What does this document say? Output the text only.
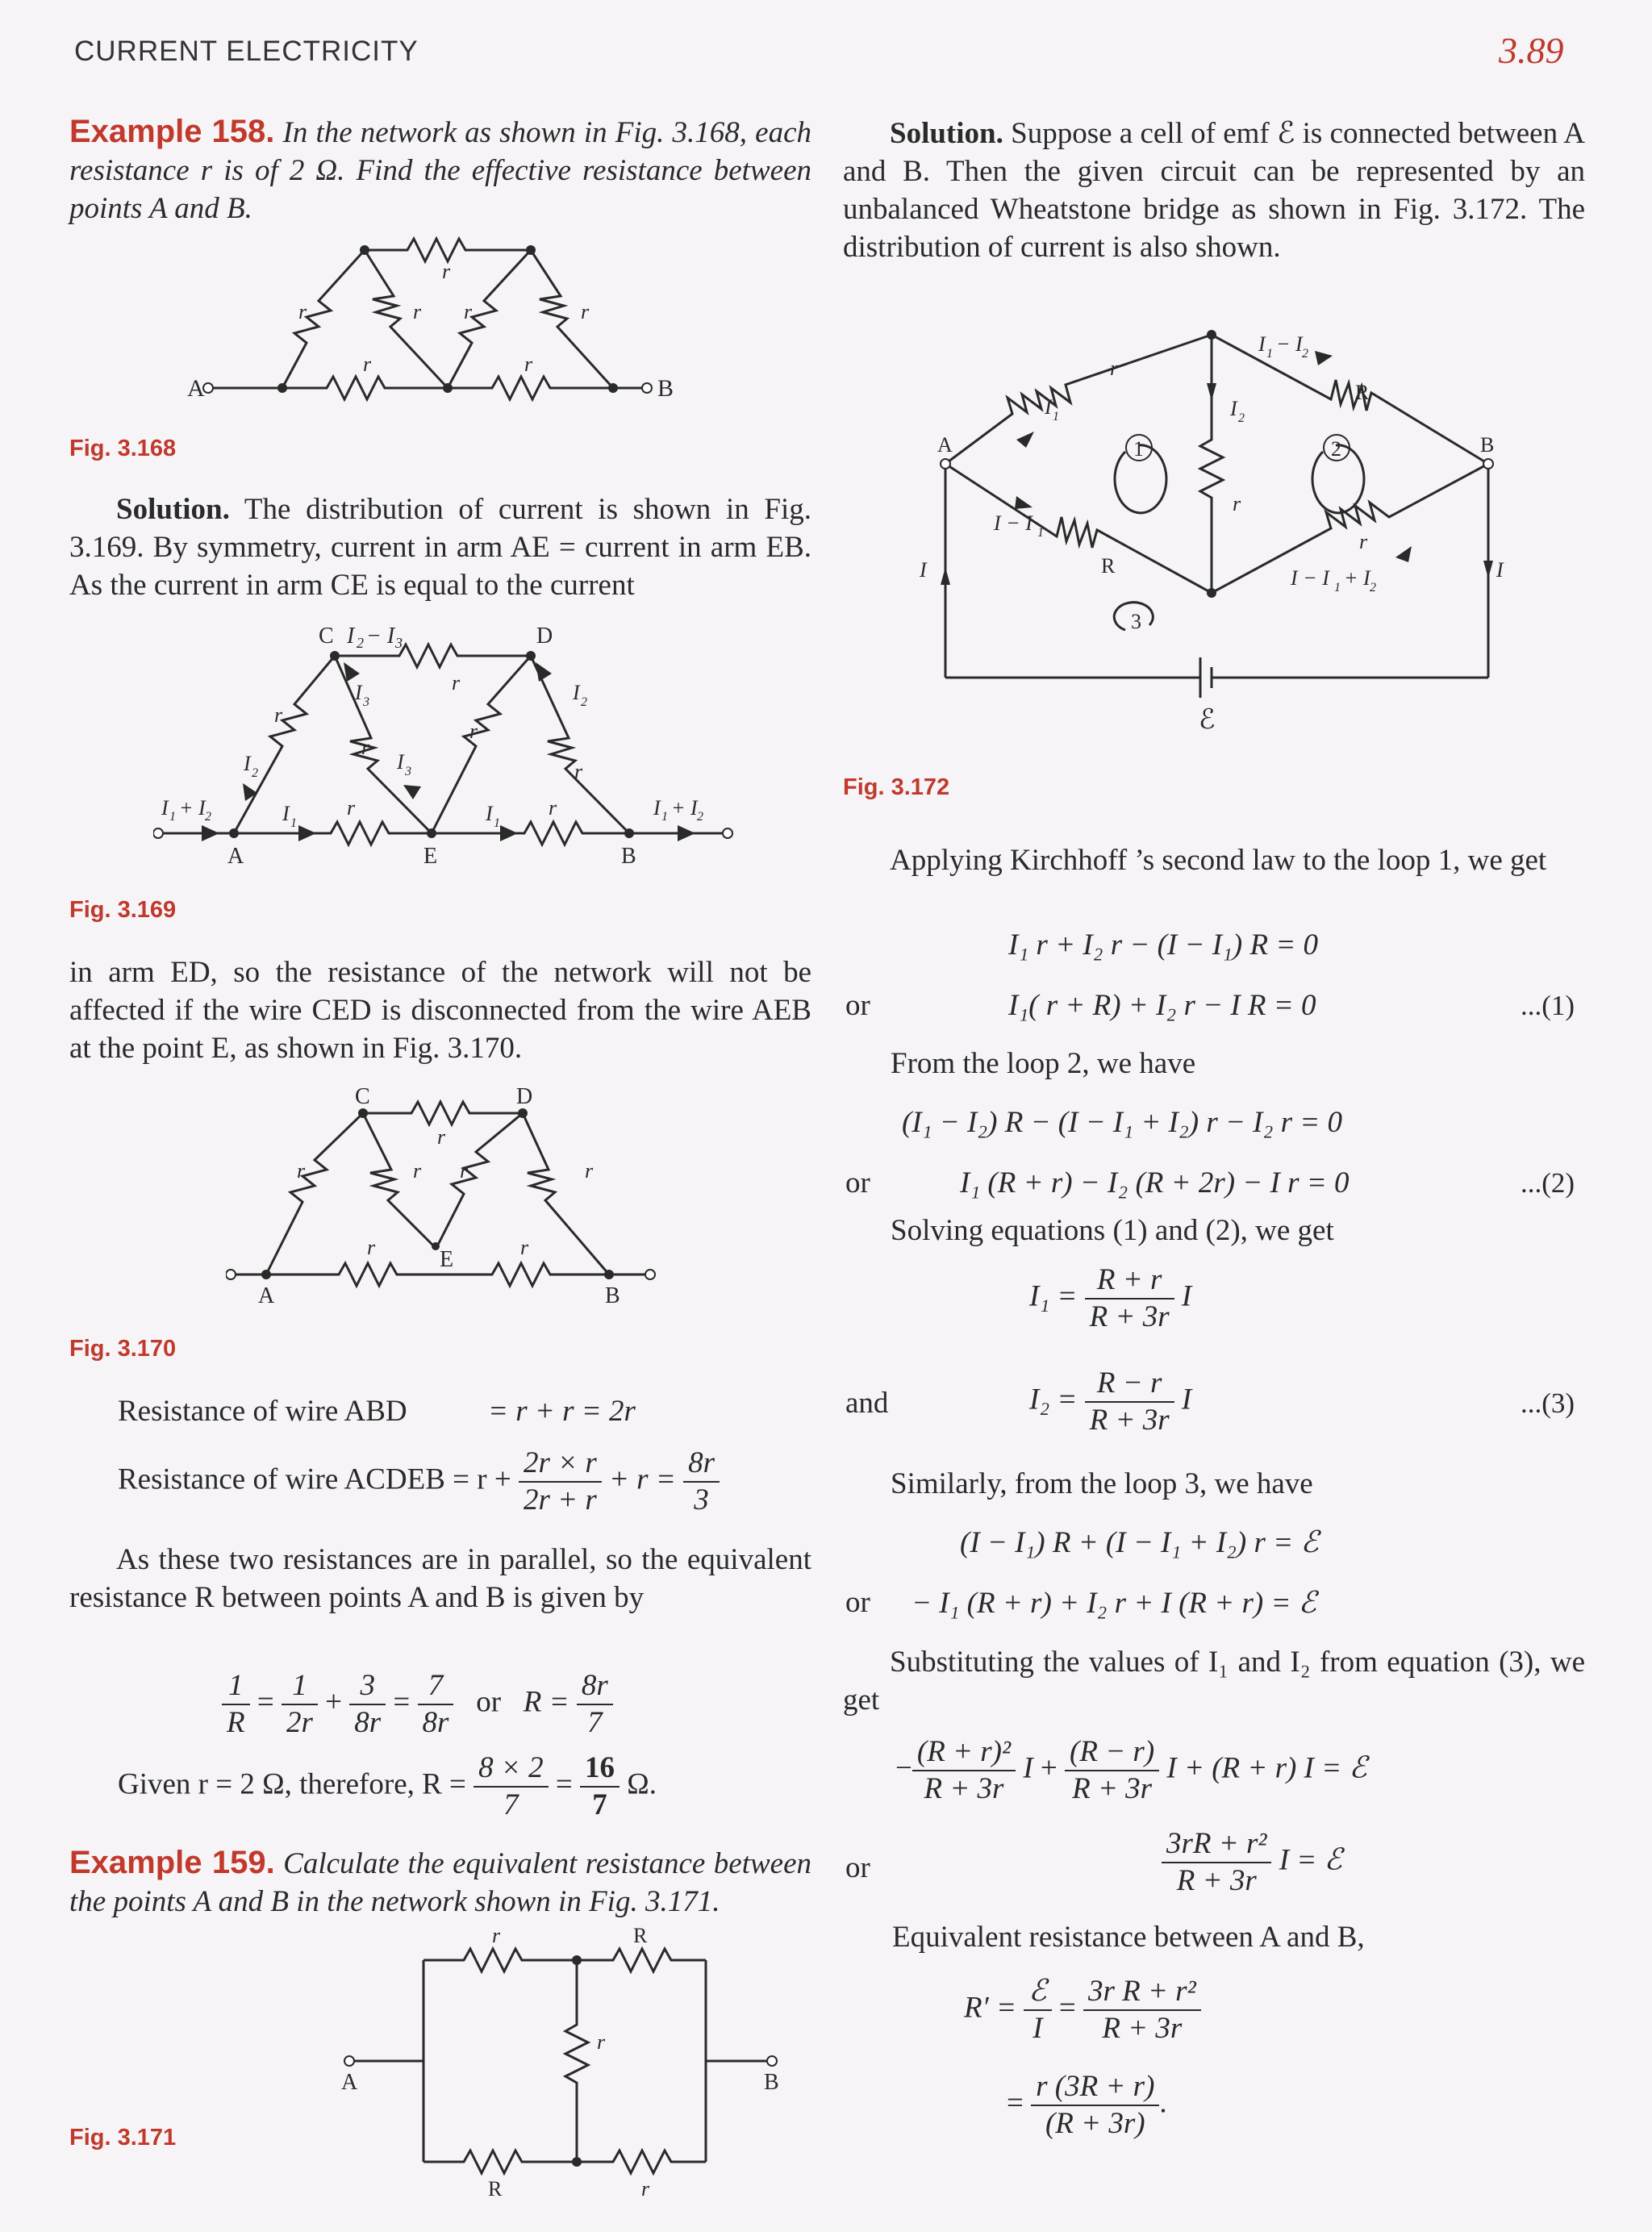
CURRENT ELECTRICITY	3.89
Example 158. In the network as shown in Fig. 3.168, each resistance r is of 2 Ω. Find the effective resistance between points A and B.
A	B
r
r	r r	r
r	r
Fig. 3.168
Solution. The distribution of current is shown in Fig. 3.169. By symmetry, current in arm AE = current in arm EB. As the current in arm CE is equal to the current
C I 2 − I 3	D
I 3	I 2
r
r
r
r
r
I 3
I 2
I 1 + I 2	I 1	I 1
I 1 + I 2
r	r
A	E	B
Fig. 3.169
in arm ED, so the resistance of the network will not be affected if the wire CED is disconnected from the wire AEB at the point E, as shown in Fig. 3.170.
C	D
E
A	B
r
r	r r	r
r	r
Fig. 3.170
Resistance of wire ABD	= r + r = 2r
Resistance of wire ACDEB = $r + \frac{2r \times r}{2r + r} + r = \frac{8r}{3}$
As these two resistances are in parallel, so the equivalent resistance R between points A and B is given by
$\frac{1}{R} = \frac{1}{2r} + \frac{3}{8r} = \frac{7}{8r}$ or $R = \frac{8r}{7}$
Given r = 2 Ω, therefore, $R = \frac{8 \times 2}{7} = \frac{16}{7} \Omega$.
Example 159. Calculate the equivalent resistance between the points A and B in the network shown in Fig. 3.171.
r	R
r
R	r
A	B
Fig. 3.171
Solution. Suppose a cell of emf ℰ is connected between A and B. Then the given circuit can be represented by an unbalanced Wheatstone bridge as shown in Fig. 3.172. The distribution of current is also shown.
A	B
I 1 − I 2
r
R
I 1	I 2
r
I − I 1
R
r
I − I 1 + I 2
I	I
1	2
3
ℰ
Fig. 3.172
Applying Kirchhoff ’s second law to the loop 1, we get
I₁ r + I₂ r − (I − I₁) R = 0
or	I₁( r + R) + I₂ r − I R = 0	...(1)
From the loop 2, we have
(I₁ − I₂) R − (I − I₁ + I₂) r − I₂ r = 0
or	I₁ (R + r) − I₂ (R + 2r) − I r = 0	...(2)
Solving equations (1) and (2), we get
$I_1 = \frac{R + r}{R + 3r}$ I
and	$I_2 = \frac{R - r}{R + 3r}$ I	...(3)
Similarly, from the loop 3, we have
(I − I₁) R + (I − I₁ + I₂) r = ℰ
or − I₁ (R + r) + I₂ r + I (R + r) = ℰ
Substituting the values of I₁ and I₂ from equation (3), we get
− $\frac{\text{(R + r)²}}{R + 3r}$ $I + \frac{(R - r)}{R + 3r}$ I + (R + r) I = ℰ
or	$\frac{\text{3rR + r²}}{R + 3r}$ I = ℰ
Equivalent resistance between A and B,
$R' = \frac{\text{ℰ}}{I} = \frac{\text{3r R + r²}}{R + 3r}$
= $\frac{r (3R + r)}{(R + 3r)}$ .
